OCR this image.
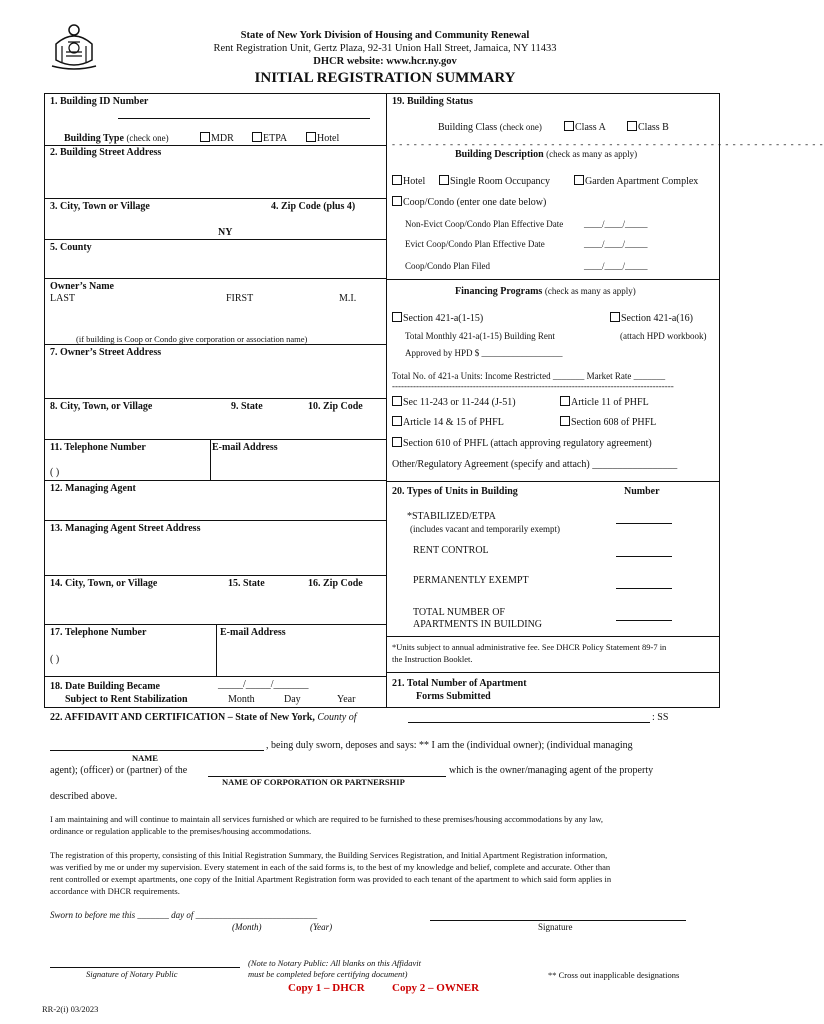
State of New York Division of Housing and Community Renewal
Rent Registration Unit, Gertz Plaza, 92-31 Union Hall Street, Jamaica, NY 11433
DHCR website: www.hcr.ny.gov
INITIAL REGISTRATION SUMMARY
1. Building ID Number
Building Type (check one)	MDR	ETPA	Hotel
2. Building Street Address
3. City, Town or Village	4. Zip Code (plus 4)
NY
5. County
Owner’s Name
LAST	FIRST	M.I.
(if building is Coop or Condo give corporation or association name)
7. Owner’s Street Address
8. City, Town, or Village	9. State	10. Zip Code
11. Telephone Number	E-mail Address
( )
12. Managing Agent
13. Managing Agent Street Address
14. City, Town, or Village	15. State	16. Zip Code
17. Telephone Number	E-mail Address
( )
18. Date Building Became
Subject to Rent Stabilization
_____/_____/_______
Month	Day	Year
19. Building Status
Building Class (check one)	Class A	Class B
- - - - - - - - - - - - - - - - - - - - - - - - - - - - - - - - - - - - - - - - - - - - - - - - - - - - - - - - - - - -
Building Description (check as many as apply)
Hotel	Single Room Occupancy	Garden Apartment Complex
Coop/Condo (enter one date below)
Non-Evict Coop/Condo Plan Effective Date ____/____/_____
Evict Coop/Condo Plan Effective Date	____/____/_____
Coop/Condo Plan Filed	____/____/_____
Financing Programs (check as many as apply)
Section 421-a(1-15)	Section 421-a(16)
Total Monthly 421-a(1-15) Building Rent	(attach HPD workbook)
Approved by HPD $ __________________
Total No. of 421-a Units: Income Restricted _______ Market Rate _______
----------------------------------------------------------------------------------------------
Sec 11-243 or 11-244 (J-51)	Article 11 of PHFL
Article 14 & 15 of PHFL	Section 608 of PHFL
Section 610 of PHFL (attach approving regulatory agreement)
Other/Regulatory Agreement (specify and attach) _________________
20. Types of Units in Building	Number
*STABILIZED/ETPA
(includes vacant and temporarily exempt)
RENT CONTROL
PERMANENTLY EXEMPT
TOTAL NUMBER OF
APARTMENTS IN BUILDING
*Units subject to annual administrative fee. See DHCR Policy Statement 89-7 in
the Instruction Booklet.
21. Total Number of Apartment
Forms Submitted
22. AFFIDAVIT AND CERTIFICATION – State of New York, County of	: SS
, being duly sworn, deposes and says: ** I am the (individual owner); (individual managing
NAME
agent); (officer) or (partner) of the	which is the owner/managing agent of the property
NAME OF CORPORATION OR PARTNERSHIP
described above.
I am maintaining and will continue to maintain all services furnished or which are required to be furnished to these premises/housing accommodations by any law,
ordinance or regulation applicable to the premises/housing accommodations.
The registration of this property, consisting of this Initial Registration Summary, the Building Services Registration, and Initial Apartment Registration information,
was verified by me or under my supervision. Every statement in each of the said forms is, to the best of my knowledge and belief, complete and accurate. Other than
rent controlled or exempt apartments, one copy of the Initial Apartment Registration form was provided to each tenant of the apartment to which said form applies in
accordance with DHCR requirements.
Sworn to before me this _______ day of ___________________________
(Month)	(Year)	Signature
Signature of Notary Public
(Note to Notary Public: All blanks on this Affidavit
must be completed before certifying document)	** Cross out inapplicable designations
Copy 1 – DHCR Copy 2 – OWNER
RR-2(i) 03/2023
